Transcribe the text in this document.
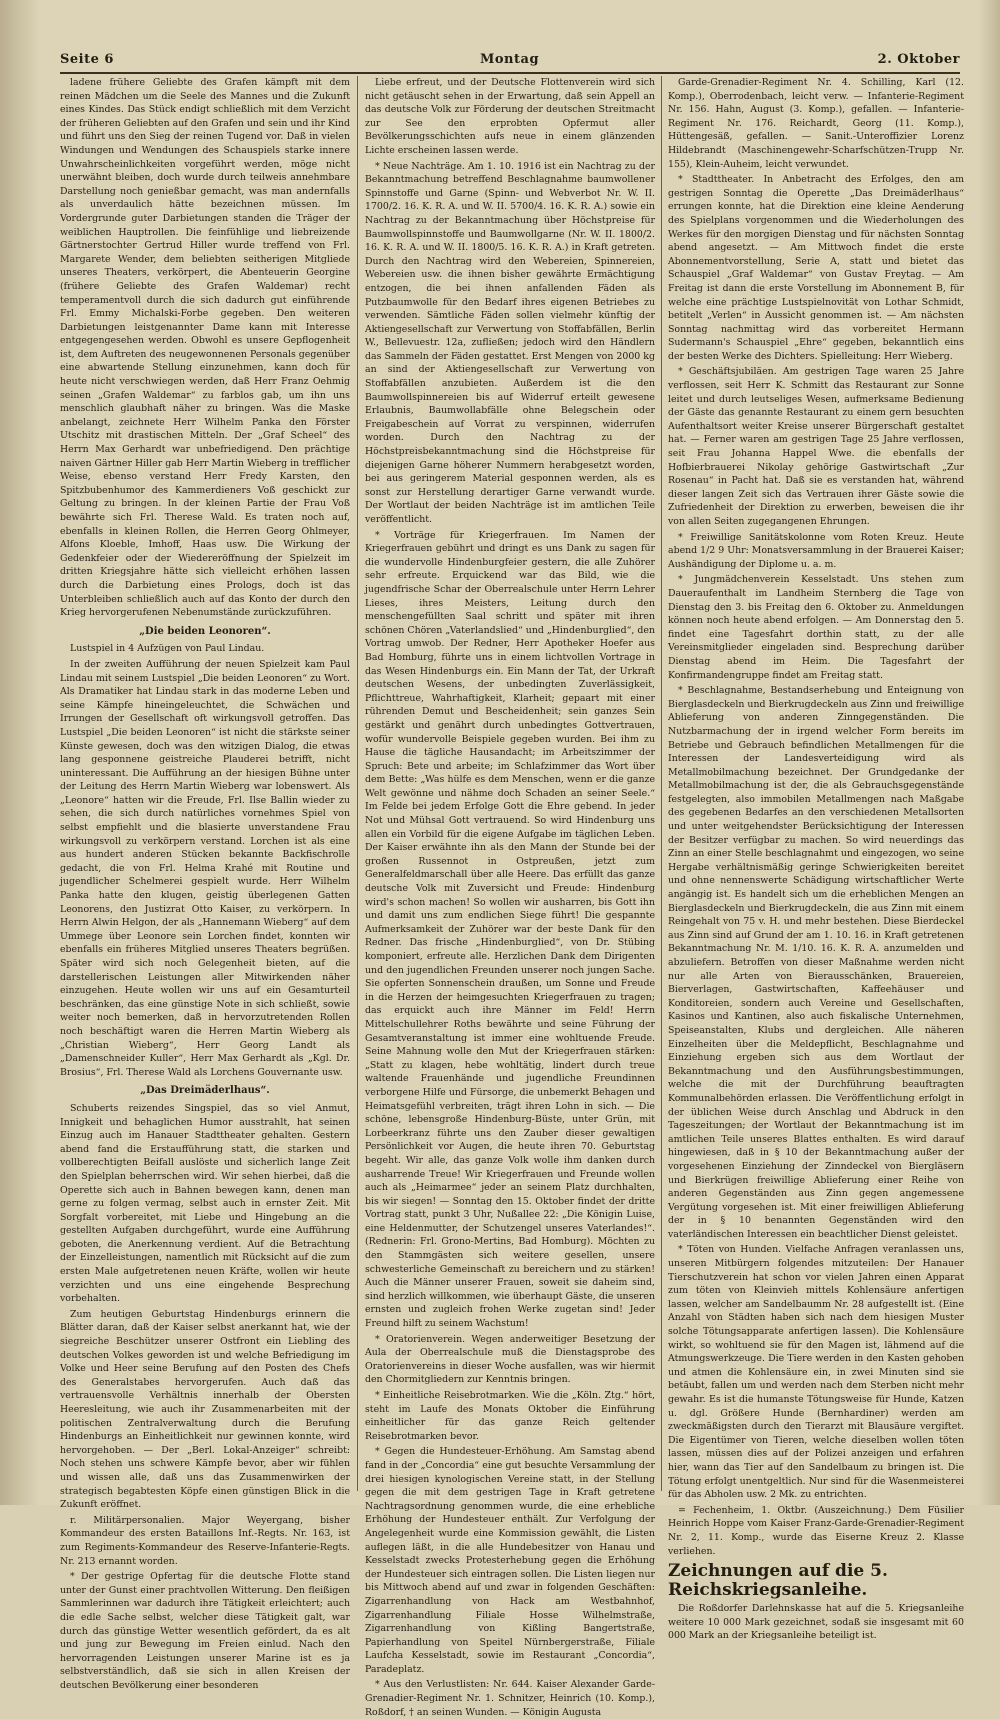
Seite 6	Montag	2. Oktober

ladene frühere Geliebte des Grafen kämpft mit dem reinen Mädchen um die Seele des Mannes und die Zukunft eines Kindes. Das Stück endigt schließlich mit dem Verzicht der früheren Geliebten auf den Grafen und sein und ihr Kind und führt uns den Sieg der reinen Tugend vor. Daß in vielen Windungen und Wendungen des Schauspiels starke innere Unwahrscheinlichkeiten vorgeführt werden, möge nicht unerwähnt bleiben, doch wurde durch teilweis annehmbare Darstellung noch genießbar gemacht, was man andernfalls als unverdaulich hätte bezeichnen müssen. Im Vordergrunde guter Darbietungen standen die Träger der weiblichen Hauptrollen. Die feinfühlige und liebreizende Gärtnerstochter Gertrud Hiller wurde treffend von Frl. Margarete Wender, dem beliebten seitherigen Mitgliede unseres Theaters, verkörpert, die Abenteuerin Georgine (frühere Geliebte des Grafen Waldemar) recht temperamentvoll durch die sich dadurch gut einführende Frl. Emmy Michalski-Forbe gegeben. Den weiteren Darbietungen leistgenannter Dame kann mit Interesse entgegengesehen werden. Obwohl es unsere Gepflogenheit ist, dem Auftreten des neugewonnenen Personals gegenüber eine abwartende Stellung einzunehmen, kann doch für heute nicht verschwiegen werden, daß Herr Franz Oehmig seinen „Grafen Waldemar“ zu farblos gab, um ihn uns menschlich glaubhaft näher zu bringen. Was die Maske anbelangt, zeichnete Herr Wilhelm Panka den Förster Utschitz mit drastischen Mitteln. Der „Graf Scheel“ des Herrn Max Gerhardt war unbefriedigend. Den prächtige naiven Gärtner Hiller gab Herr Martin Wieberg in trefflicher Weise, ebenso verstand Herr Fredy Karsten, den Spitzbubenhumor des Kammerdieners Voß geschickt zur Geltung zu bringen. In der kleinen Partie der Frau Voß bewährte sich Frl. Therese Wald. Es traten noch auf, ebenfalls in kleinen Rollen, die Herren Georg Ohlmeyer, Alfons Kloeble, Imhoff, Haas usw. Die Wirkung der Gedenkfeier oder der Wiedereröffnung der Spielzeit im dritten Kriegsjahre hätte sich vielleicht erhöhen lassen durch die Darbietung eines Prologs, doch ist das Unterbleiben schließlich auch auf das Konto der durch den Krieg hervorgerufenen Nebenumstände zurückzuführen.

„Die beiden Leonoren“.

Lustspiel in 4 Aufzügen von Paul Lindau.

In der zweiten Aufführung der neuen Spielzeit kam Paul Lindau mit seinem Lustspiel „Die beiden Leonoren“ zu Wort. Als Dramatiker hat Lindau stark in das moderne Leben und seine Kämpfe hineingeleuchtet, die Schwächen und Irrungen der Gesellschaft oft wirkungsvoll getroffen. Das Lustspiel „Die beiden Leonoren“ ist nicht die stärkste seiner Künste gewesen, doch was den witzigen Dialog, die etwas lang gesponnene geistreiche Plauderei betrifft, nicht uninteressant. Die Aufführung an der hiesigen Bühne unter der Leitung des Herrn Martin Wieberg war lobenswert. Als „Leonore“ hatten wir die Freude, Frl. Ilse Ballin wieder zu sehen, die sich durch natürliches vornehmes Spiel von selbst empfiehlt und die blasierte unverstandene Frau wirkungsvoll zu verkörpern verstand. Lorchen ist als eine aus hundert anderen Stücken bekannte Backfischrolle gedacht, die von Frl. Helma Krahé mit Routine und jugendlicher Schelmerei gespielt wurde. Herr Wilhelm Panka hatte den klugen, geistig überlegenen Gatten Leonorens, den Justizrat Otto Kaiser, zu verkörpern. In Herrn Alwin Helgon, der als „Hannemann Wieberg“ auf dem Ummege über Leonore sein Lorchen findet, konnten wir ebenfalls ein früheres Mitglied unseres Theaters begrüßen. Später wird sich noch Gelegenheit bieten, auf die darstellerischen Leistungen aller Mitwirkenden näher einzugehen. Heute wollen wir uns auf ein Gesamturteil beschränken, das eine günstige Note in sich schließt, sowie weiter noch bemerken, daß in hervorzutretenden Rollen noch beschäftigt waren die Herren Martin Wieberg als „Christian Wieberg“, Herr Georg Landt als „Damenschneider Kuller“, Herr Max Gerhardt als „Kgl. Dr. Brosius“, Frl. Therese Wald als Lorchens Gouvernante usw.

„Das Dreimäderlhaus“.

Schuberts reizendes Singspiel, das so viel Anmut, Innigkeit und behaglichen Humor ausstrahlt, hat seinen Einzug auch im Hanauer Stadttheater gehalten. Gestern abend fand die Erstaufführung statt, die starken und vollberechtigten Beifall auslöste und sicherlich lange Zeit den Spielplan beherrschen wird. Wir sehen hierbei, daß die Operette sich auch in Bahnen bewegen kann, denen man gerne zu folgen vermag, selbst auch in ernster Zeit. Mit Sorgfalt vorbereitet, mit Liebe und Hingebung an die gestellten Aufgaben durchgeführt, wurde eine Aufführung geboten, die Anerkennung verdient. Auf die Betrachtung der Einzelleistungen, namentlich mit Rücksicht auf die zum ersten Male aufgetretenen neuen Kräfte, wollen wir heute verzichten und uns eine eingehende Besprechung vorbehalten.

Zum heutigen Geburtstag Hindenburgs erinnern die Blätter daran, daß der Kaiser selbst anerkannt hat, wie der siegreiche Beschützer unserer Ostfront ein Liebling des deutschen Volkes geworden ist und welche Befriedigung im Volke und Heer seine Berufung auf den Posten des Chefs des Generalstabes hervorgerufen. Auch daß das vertrauensvolle Verhältnis innerhalb der Obersten Heeresleitung, wie auch ihr Zusammenarbeiten mit der politischen Zentralverwaltung durch die Berufung Hindenburgs an Einheitlichkeit nur gewinnen konnte, wird hervorgehoben. — Der „Berl. Lokal-Anzeiger“ schreibt: Noch stehen uns schwere Kämpfe bevor, aber wir fühlen und wissen alle, daß uns das Zusammenwirken der strategisch begabtesten Köpfe einen günstigen Blick in die Zukunft eröffnet.

r. Militärpersonalien. Major Weyergang, bisher Kommandeur des ersten Bataillons Inf.-Regts. Nr. 163, ist zum Regiments-Kommandeur des Reserve-Infanterie-Regts. Nr. 213 ernannt worden.

* Der gestrige Opfertag für die deutsche Flotte stand unter der Gunst einer prachtvollen Witterung. Den fleißigen Sammlerinnen war dadurch ihre Tätigkeit erleichtert; auch die edle Sache selbst, welcher diese Tätigkeit galt, war durch das günstige Wetter wesentlich gefördert, da es alt und jung zur Bewegung im Freien einlud. Nach den hervorragenden Leistungen unserer Marine ist es ja selbstverständlich, daß sie sich in allen Kreisen der deutschen Bevölkerung einer besonderen

Liebe erfreut, und der Deutsche Flottenverein wird sich nicht getäuscht sehen in der Erwartung, daß sein Appell an das deutsche Volk zur Förderung der deutschen Streitmacht zur See den erprobten Opfermut aller Bevölkerungsschichten aufs neue in einem glänzenden Lichte erscheinen lassen werde.

* Neue Nachträge. Am 1. 10. 1916 ist ein Nachtrag zu der Bekanntmachung betreffend Beschlagnahme baumwollener Spinnstoffe und Garne (Spinn- und Webverbot Nr. W. II. 1700/2. 16. K. R. A. und W. II. 5700/4. 16. K. R. A.) sowie ein Nachtrag zu der Bekanntmachung über Höchstpreise für Baumwollspinnstoffe und Baumwollgarne (Nr. W. II. 1800/2. 16. K. R. A. und W. II. 1800/5. 16. K. R. A.) in Kraft getreten. Durch den Nachtrag wird den Webereien, Spinnereien, Webereien usw. die ihnen bisher gewährte Ermächtigung entzogen, die bei ihnen anfallenden Fäden als Putzbaumwolle für den Bedarf ihres eigenen Betriebes zu verwenden. Sämtliche Fäden sollen vielmehr künftig der Aktiengesellschaft zur Verwertung von Stoffabfällen, Berlin W., Bellevuestr. 12a, zufließen; jedoch wird den Händlern das Sammeln der Fäden gestattet. Erst Mengen von 2000 kg an sind der Aktiengesellschaft zur Verwertung von Stoffabfällen anzubieten. Außerdem ist die den Baumwollspinnereien bis auf Widerruf erteilt gewesene Erlaubnis, Baumwollabfälle ohne Belegschein oder Freigabeschein auf Vorrat zu verspinnen, widerrufen worden. Durch den Nachtrag zu der Höchstpreisbekanntmachung sind die Höchstpreise für diejenigen Garne höherer Nummern herabgesetzt worden, bei aus geringerem Material gesponnen werden, als es sonst zur Herstellung derartiger Garne verwandt wurde. Der Wortlaut der beiden Nachträge ist im amtlichen Teile veröffentlicht.

* Vorträge für Kriegerfrauen. Im Namen der Kriegerfrauen gebührt und dringt es uns Dank zu sagen für die wundervolle Hindenburgfeier gestern, die alle Zuhörer sehr erfreute. Erquickend war das Bild, wie die jugendfrische Schar der Oberrealschule unter Herrn Lehrer Lieses, ihres Meisters, Leitung durch den menschengefüllten Saal schritt und später mit ihren schönen Chören „Vaterlandslied“ und „Hindenburglied“, den Vortrag umwob. Der Redner, Herr Apotheker Hoefer aus Bad Homburg, führte uns in einem lichtvollen Vortrage in das Wesen Hindenburgs ein. Ein Mann der Tat, der Urkraft deutschen Wesens, der unbedingten Zuverlässigkeit, Pflichttreue, Wahrhaftigkeit, Klarheit; gepaart mit einer rührenden Demut und Bescheidenheit; sein ganzes Sein gestärkt und genährt durch unbedingtes Gottvertrauen, wofür wundervolle Beispiele gegeben wurden. Bei ihm zu Hause die tägliche Hausandacht; im Arbeitszimmer der Spruch: Bete und arbeite; im Schlafzimmer das Wort über dem Bette: „Was hülfe es dem Menschen, wenn er die ganze Welt gewönne und nähme doch Schaden an seiner Seele.“ Im Felde bei jedem Erfolge Gott die Ehre gebend. In jeder Not und Mühsal Gott vertrauend. So wird Hindenburg uns allen ein Vorbild für die eigene Aufgabe im täglichen Leben. Der Kaiser erwähnte ihn als den Mann der Stunde bei der großen Russennot in Ostpreußen, jetzt zum Generalfeldmarschall über alle Heere. Das erfüllt das ganze deutsche Volk mit Zuversicht und Freude: Hindenburg wird's schon machen! So wollen wir ausharren, bis Gott ihn und damit uns zum endlichen Siege führt! Die gespannte Aufmerksamkeit der Zuhörer war der beste Dank für den Redner. Das frische „Hindenburglied“, von Dr. Stübing komponiert, erfreute alle. Herzlichen Dank dem Dirigenten und den jugendlichen Freunden unserer noch jungen Sache. Sie opferten Sonnenschein draußen, um Sonne und Freude in die Herzen der heimgesuchten Kriegerfrauen zu tragen; das erquickt auch ihre Männer im Feld! Herrn Mittelschullehrer Roths bewährte und seine Führung der Gesamtveranstaltung ist immer eine wohltuende Freude. Seine Mahnung wolle den Mut der Kriegerfrauen stärken: „Statt zu klagen, hebe wohltätig, lindert durch treue waltende Frauenhände und jugendliche Freundinnen verborgene Hilfe und Fürsorge, die unbemerkt Behagen und Heimatsgefühl verbreiten, trägt ihren Lohn in sich. — Die schöne, lebensgroße Hindenburg-Büste, unter Grün, mit Lorbeerkranz führte uns den Zauber dieser gewaltigen Persönlichkeit vor Augen, die heute ihren 70. Geburtstag begeht. Wir alle, das ganze Volk wolle ihm danken durch ausharrende Treue! Wir Kriegerfrauen und Freunde wollen auch als „Heimarmee“ jeder an seinem Platz durchhalten, bis wir siegen! — Sonntag den 15. Oktober findet der dritte Vortrag statt, punkt 3 Uhr, Nußallee 22: „Die Königin Luise, eine Heldenmutter, der Schutzengel unseres Vaterlandes!“. (Rednerin: Frl. Grono-Mertins, Bad Homburg). Möchten zu den Stammgästen sich weitere gesellen, unsere schwesterliche Gemeinschaft zu bereichern und zu stärken! Auch die Männer unserer Frauen, soweit sie daheim sind, sind herzlich willkommen, wie überhaupt Gäste, die unseren ernsten und zugleich frohen Werke zugetan sind! Jeder Freund hilft zu seinem Wachstum!

* Oratorienverein. Wegen anderweitiger Besetzung der Aula der Oberrealschule muß die Dienstagsprobe des Oratorienvereins in dieser Woche ausfallen, was wir hiermit den Chormitgliedern zur Kenntnis bringen.

* Einheitliche Reisebrotmarken. Wie die „Köln. Ztg.“ hört, steht im Laufe des Monats Oktober die Einführung einheitlicher für das ganze Reich geltender Reisebrotmarken bevor.

* Gegen die Hundesteuer-Erhöhung. Am Samstag abend fand in der „Concordia“ eine gut besuchte Versammlung der drei hiesigen kynologischen Vereine statt, in der Stellung gegen die mit dem gestrigen Tage in Kraft getretene Nachtragsordnung genommen wurde, die eine erhebliche Erhöhung der Hundesteuer enthält. Zur Verfolgung der Angelegenheit wurde eine Kommission gewählt, die Listen auflegen läßt, in die alle Hundebesitzer von Hanau und Kesselstadt zwecks Protesterhebung gegen die Erhöhung der Hundesteuer sich eintragen sollen. Die Listen liegen nur bis Mittwoch abend auf und zwar in folgenden Geschäften: Zigarrenhandlung von Hack am Westbahnhof, Zigarrenhandlung Filiale Hosse Wilhelmstraße, Zigarrenhandlung von Kißling Bangertstraße, Papierhandlung von Speitel Nürnbergerstraße, Filiale Laufcha Kesselstadt, sowie im Restaurant „Concordia“, Paradeplatz.

* Aus den Verlustlisten: Nr. 644. Kaiser Alexander Garde-Grenadier-Regiment Nr. 1. Schnitzer, Heinrich (10. Komp.), Roßdorf, † an seinen Wunden. — Königin Augusta

Garde-Grenadier-Regiment Nr. 4. Schilling, Karl (12. Komp.), Oberrodenbach, leicht verw. — Infanterie-Regiment Nr. 156. Hahn, August (3. Komp.), gefallen. — Infanterie-Regiment Nr. 176. Reichardt, Georg (11. Komp.), Hüttengesäß, gefallen. — Sanit.-Unteroffizier Lorenz Hildebrandt (Maschinengewehr-Scharfschützen-Trupp Nr. 155), Klein-Auheim, leicht verwundet.

* Stadttheater. In Anbetracht des Erfolges, den am gestrigen Sonntag die Operette „Das Dreimäderlhaus“ errungen konnte, hat die Direktion eine kleine Aenderung des Spielplans vorgenommen und die Wiederholungen des Werkes für den morgigen Dienstag und für nächsten Sonntag abend angesetzt. — Am Mittwoch findet die erste Abonnementvorstellung, Serie A, statt und bietet das Schauspiel „Graf Waldemar“ von Gustav Freytag. — Am Freitag ist dann die erste Vorstellung im Abonnement B, für welche eine prächtige Lustspielnovität von Lothar Schmidt, betitelt „Verlen“ in Aussicht genommen ist. — Am nächsten Sonntag nachmittag wird das vorbereitet Hermann Sudermann's Schauspiel „Ehre“ gegeben, bekanntlich eins der besten Werke des Dichters. Spielleitung: Herr Wieberg.

* Geschäftsjubiläen. Am gestrigen Tage waren 25 Jahre verflossen, seit Herr K. Schmitt das Restaurant zur Sonne leitet und durch leutseliges Wesen, aufmerksame Bedienung der Gäste das genannte Restaurant zu einem gern besuchten Aufenthaltsort weiter Kreise unserer Bürgerschaft gestaltet hat. — Ferner waren am gestrigen Tage 25 Jahre verflossen, seit Frau Johanna Happel Wwe. die ebenfalls der Hofbierbrauerei Nikolay gehörige Gastwirtschaft „Zur Rosenau“ in Pacht hat. Daß sie es verstanden hat, während dieser langen Zeit sich das Vertrauen ihrer Gäste sowie die Zufriedenheit der Direktion zu erwerben, beweisen die ihr von allen Seiten zugegangenen Ehrungen.

* Freiwillige Sanitätskolonne vom Roten Kreuz. Heute abend 1/2 9 Uhr: Monatsversammlung in der Brauerei Kaiser; Aushändigung der Diplome u. a. m.

* Jungmädchenverein Kesselstadt. Uns stehen zum Daueraufenthalt im Landheim Sternberg die Tage von Dienstag den 3. bis Freitag den 6. Oktober zu. Anmeldungen können noch heute abend erfolgen. — Am Donnerstag den 5. findet eine Tagesfahrt dorthin statt, zu der alle Vereinsmitglieder eingeladen sind. Besprechung darüber Dienstag abend im Heim. Die Tagesfahrt der Konfirmandengruppe findet am Freitag statt.

* Beschlagnahme, Bestandserhebung und Enteignung von Bierglasdeckeln und Bierkrugdeckeln aus Zinn und freiwillige Ablieferung von anderen Zinngegenständen. Die Nutzbarmachung der in irgend welcher Form bereits im Betriebe und Gebrauch befindlichen Metallmengen für die Interessen der Landesverteidigung wird als Metallmobilmachung bezeichnet. Der Grundgedanke der Metallmobilmachung ist der, die als Gebrauchsgegenstände festgelegten, also immobilen Metallmengen nach Maßgabe des gegebenen Bedarfes an den verschiedenen Metallsorten und unter weitgehendster Berücksichtigung der Interessen der Besitzer verfügbar zu machen. So wird neuerdings das Zinn an einer Stelle beschlagnahmt und eingezogen, wo seine Hergabe verhältnismäßig geringe Schwierigkeiten bereitet und ohne nennenswerte Schädigung wirtschaftlicher Werte angängig ist. Es handelt sich um die erheblichen Mengen an Bierglasdeckeln und Bierkrugdeckeln, die aus Zinn mit einem Reingehalt von 75 v. H. und mehr bestehen. Diese Bierdeckel aus Zinn sind auf Grund der am 1. 10. 16. in Kraft getretenen Bekanntmachung Nr. M. 1/10. 16. K. R. A. anzumelden und abzuliefern. Betroffen von dieser Maßnahme werden nicht nur alle Arten von Bierausschänken, Brauereien, Bierverlagen, Gastwirtschaften, Kaffeehäuser und Konditoreien, sondern auch Vereine und Gesellschaften, Kasinos und Kantinen, also auch fiskalische Unternehmen, Speiseanstalten, Klubs und dergleichen. Alle näheren Einzelheiten über die Meldepflicht, Beschlagnahme und Einziehung ergeben sich aus dem Wortlaut der Bekanntmachung und den Ausführungsbestimmungen, welche die mit der Durchführung beauftragten Kommunalbehörden erlassen. Die Veröffentlichung erfolgt in der üblichen Weise durch Anschlag und Abdruck in den Tageszeitungen; der Wortlaut der Bekanntmachung ist im amtlichen Teile unseres Blattes enthalten. Es wird darauf hingewiesen, daß in § 10 der Bekanntmachung außer der vorgesehenen Einziehung der Zinndeckel von Biergläsern und Bierkrügen freiwillige Ablieferung einer Reihe von anderen Gegenständen aus Zinn gegen angemessene Vergütung vorgesehen ist. Mit einer freiwilligen Ablieferung der in § 10 benannten Gegenständen wird den vaterländischen Interessen ein beachtlicher Dienst geleistet.

* Töten von Hunden. Vielfache Anfragen veranlassen uns, unseren Mitbürgern folgendes mitzuteilen: Der Hanauer Tierschutzverein hat schon vor vielen Jahren einen Apparat zum töten von Kleinvieh mittels Kohlensäure anfertigen lassen, welcher am Sandelbaumm Nr. 28 aufgestellt ist. (Eine Anzahl von Städten haben sich nach dem hiesigen Muster solche Tötungsapparate anfertigen lassen). Die Kohlensäure wirkt, so wohltuend sie für den Magen ist, lähmend auf die Atmungswerkzeuge. Die Tiere werden in den Kasten gehoben und atmen die Kohlensäure ein, in zwei Minuten sind sie betäubt, fallen um und werden nach dem Sterben nicht mehr gewahr. Es ist die humanste Tötungsweise für Hunde, Katzen u. dgl. Größere Hunde (Bernhardiner) werden am zweckmäßigsten durch den Tierarzt mit Blausäure vergiftet. Die Eigentümer von Tieren, welche dieselben wollen töten lassen, müssen dies auf der Polizei anzeigen und erfahren hier, wann das Tier auf den Sandelbaum zu bringen ist. Die Tötung erfolgt unentgeltlich. Nur sind für die Wasenmeisterei für das Abholen usw. 2 Mk. zu entrichten.

= Fechenheim, 1. Oktbr. (Auszeichnung.) Dem Füsilier Heinrich Hoppe vom Kaiser Franz-Garde-Grenadier-Regiment Nr. 2, 11. Komp., wurde das Eiserne Kreuz 2. Klasse verliehen.

Zeichnungen auf die 5. Reichskriegsanleihe.

Die Roßdorfer Darlehnskasse hat auf die 5. Kriegsanleihe weitere 10 000 Mark gezeichnet, sodaß sie insgesamt mit 60 000 Mark an der Kriegsanleihe beteiligt ist.
